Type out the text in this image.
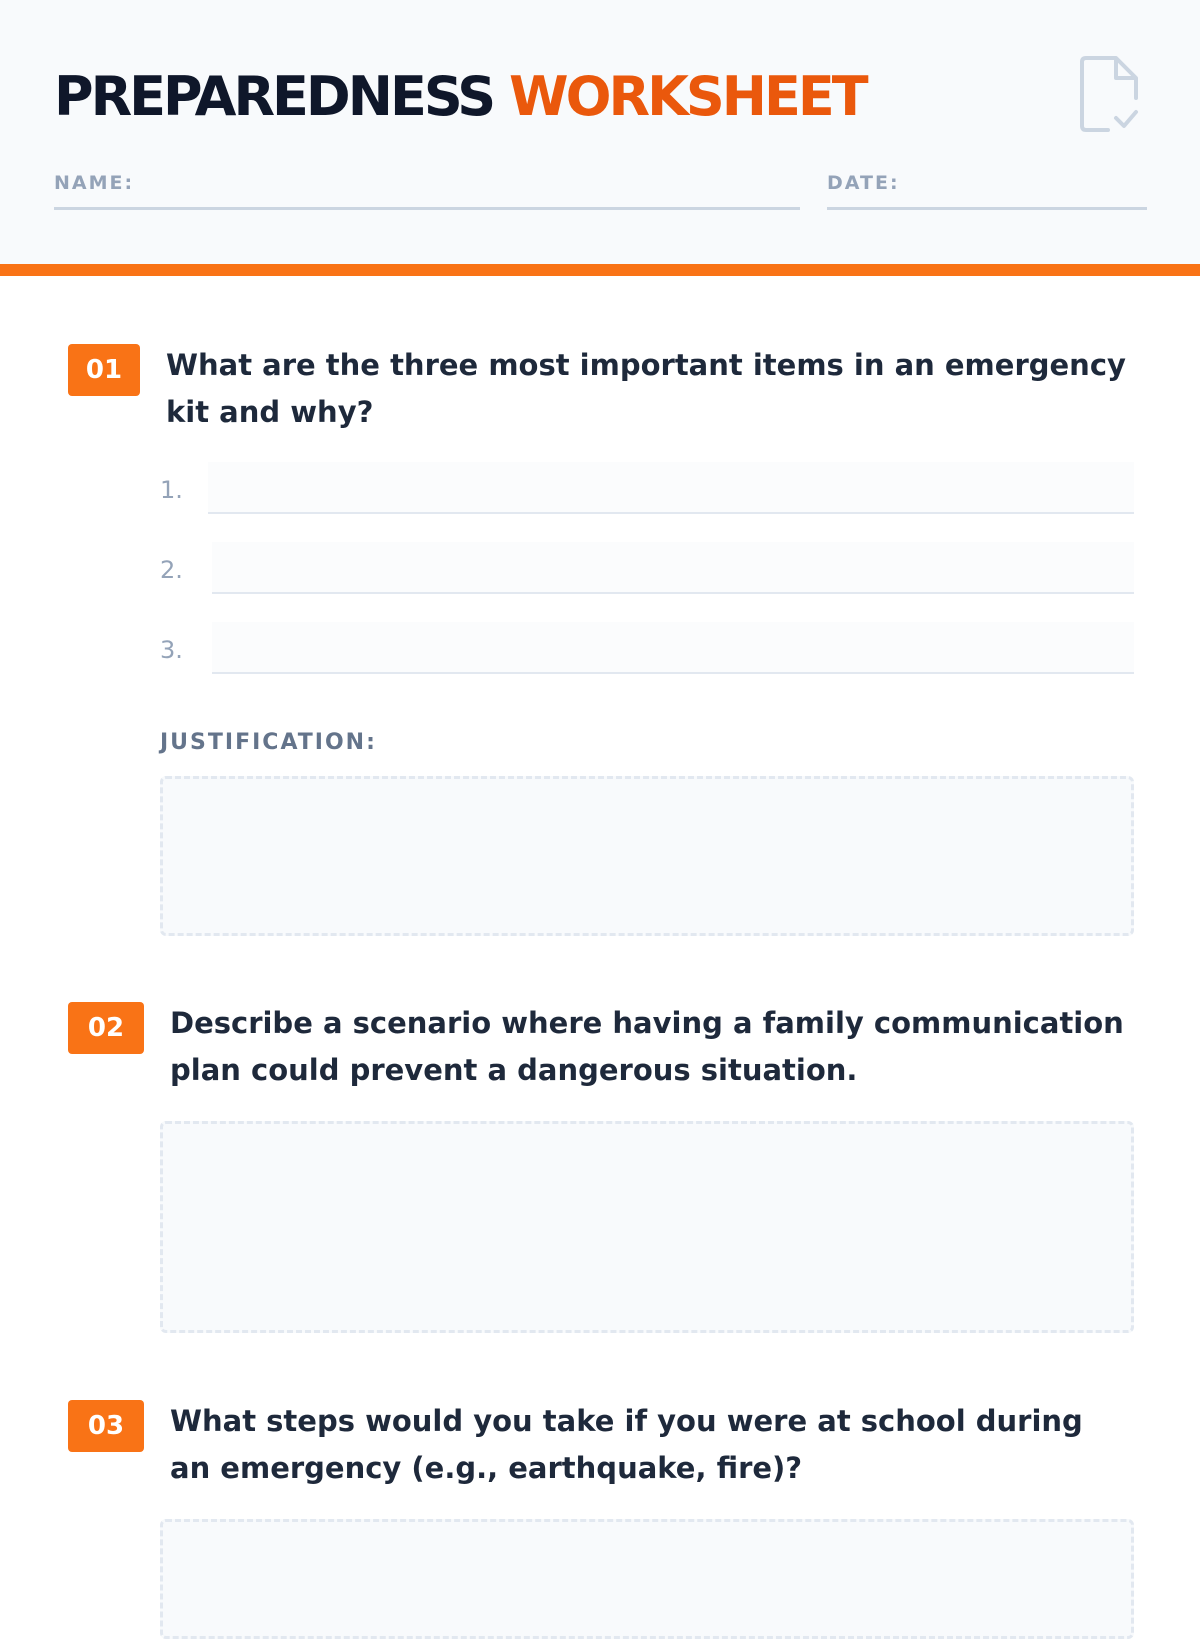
PREPAREDNESS WORKSHEET
NAME:	DATE:
01	What are the three most important items in an emergency kit and why?
1.
2.
3.
JUSTIFICATION:
02	Describe a scenario where having a family communication plan could prevent a dangerous situation.
03	What steps would you take if you were at school during an emergency (e.g., earthquake, fire)?
